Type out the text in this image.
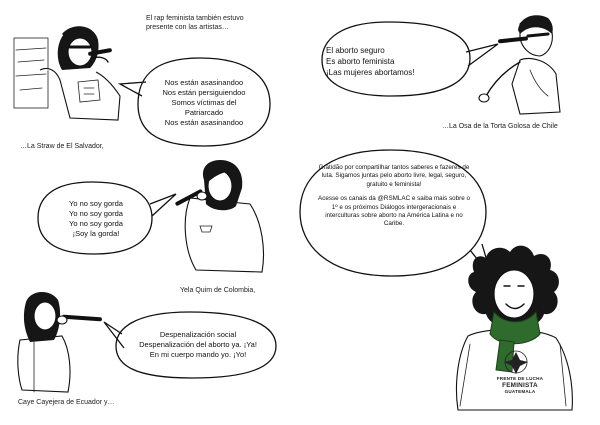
El rap feminista también estuvo presente con las artistas…
Nos están asasinandoo
Nos están persiguiendoo
Somos víctimas del
Patriarcado
Nos están asasinandoo
…La Straw de El Salvador,
El aborto seguro
Es aborto feminista
¡Las mujeres abortamos!
…La Osa de la Torta Golosa de Chile
Yo no soy gorda
Yo no soy gorda
Yo no soy gorda
¡Soy la gorda!
Yela Quim de Colombia,
Despenalización social
Despenalización del aborto ya. ¡Ya!
En mi cuerpo mando yo. ¡Yo!
Caye Cayejera de Ecuador y…
Gratidão por compartilhar tantos saberes e fazeres de luta. Sigamos juntas pelo aborto livre, legal, seguro, gratuito e feminista!
Acesse os canais da @RSMLAC e saiba mais sobre o 1º e os próximos Diálogos intergeracionais e interculturas sobre aborto na América Latina e no Caribe.
FRENTE DE LUCHA
FEMINISTA
GUATEMALA
